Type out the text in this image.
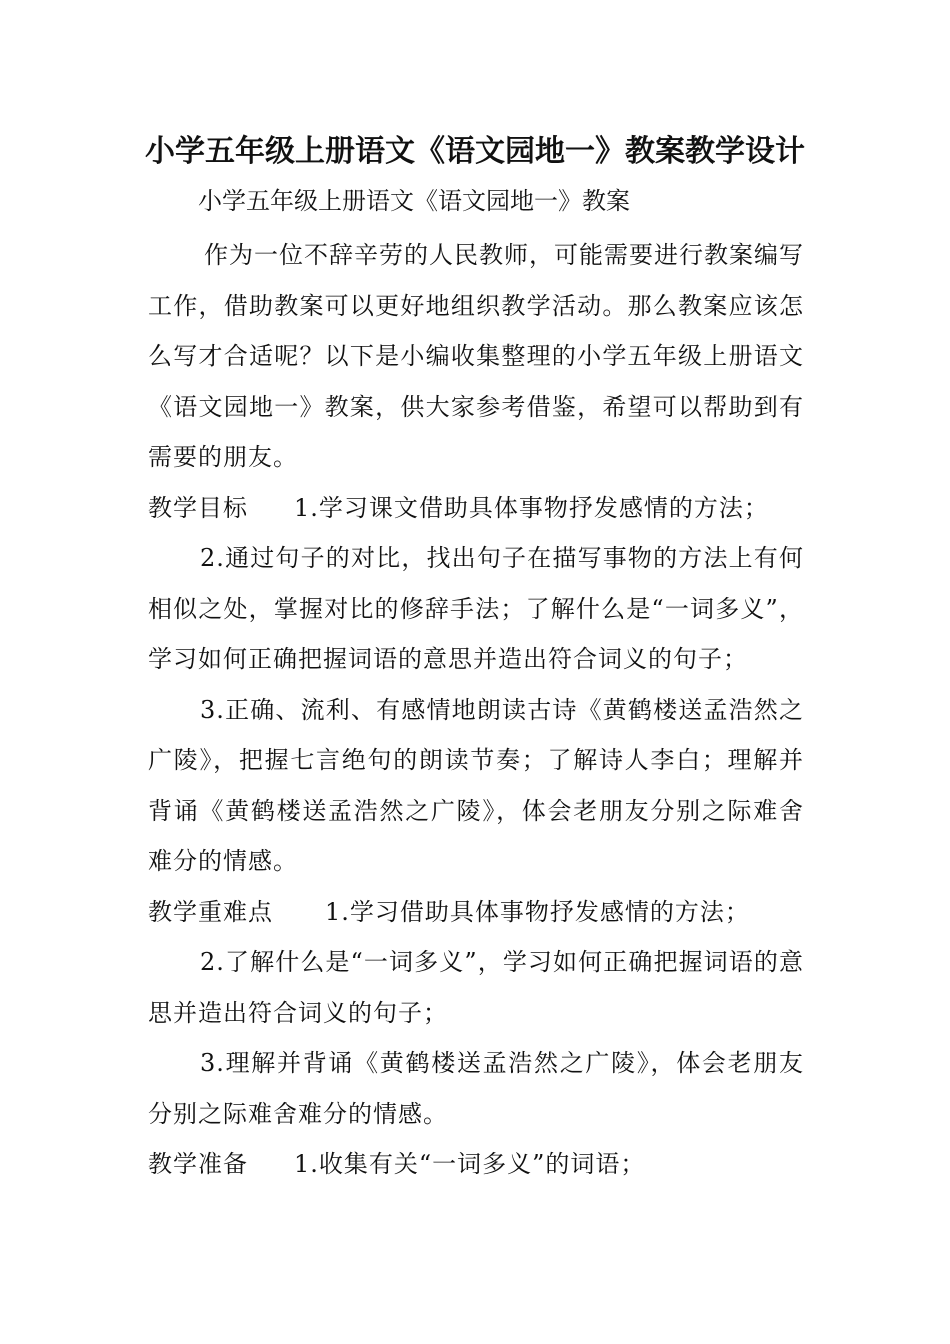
小学五年级上册语文《语文园地一》教案教学设计

小学五年级上册语文《语文园地一》教案

作为一位不辞辛劳的人民教师，可能需要进行教案编写工作，借助教案可以更好地组织教学活动。那么教案应该怎么写才合适呢？以下是小编收集整理的小学五年级上册语文《语文园地一》教案，供大家参考借鉴，希望可以帮助到有需要的朋友。

教学目标 1.学习课文借助具体事物抒发感情的方法；

2.通过句子的对比，找出句子在描写事物的方法上有何相似之处，掌握对比的修辞手法；了解什么是“一词多义”，学习如何正确把握词语的意思并造出符合词义的句子；

3.正确、流利、有感情地朗读古诗《黄鹤楼送孟浩然之广陵》，把握七言绝句的朗读节奏；了解诗人李白；理解并背诵《黄鹤楼送孟浩然之广陵》，体会老朋友分别之际难舍难分的情感。

教学重难点 1.学习借助具体事物抒发感情的方法；

2.了解什么是“一词多义”，学习如何正确把握词语的意思并造出符合词义的句子；

3.理解并背诵《黄鹤楼送孟浩然之广陵》，体会老朋友分别之际难舍难分的情感。

教学准备 1.收集有关“一词多义”的词语；
